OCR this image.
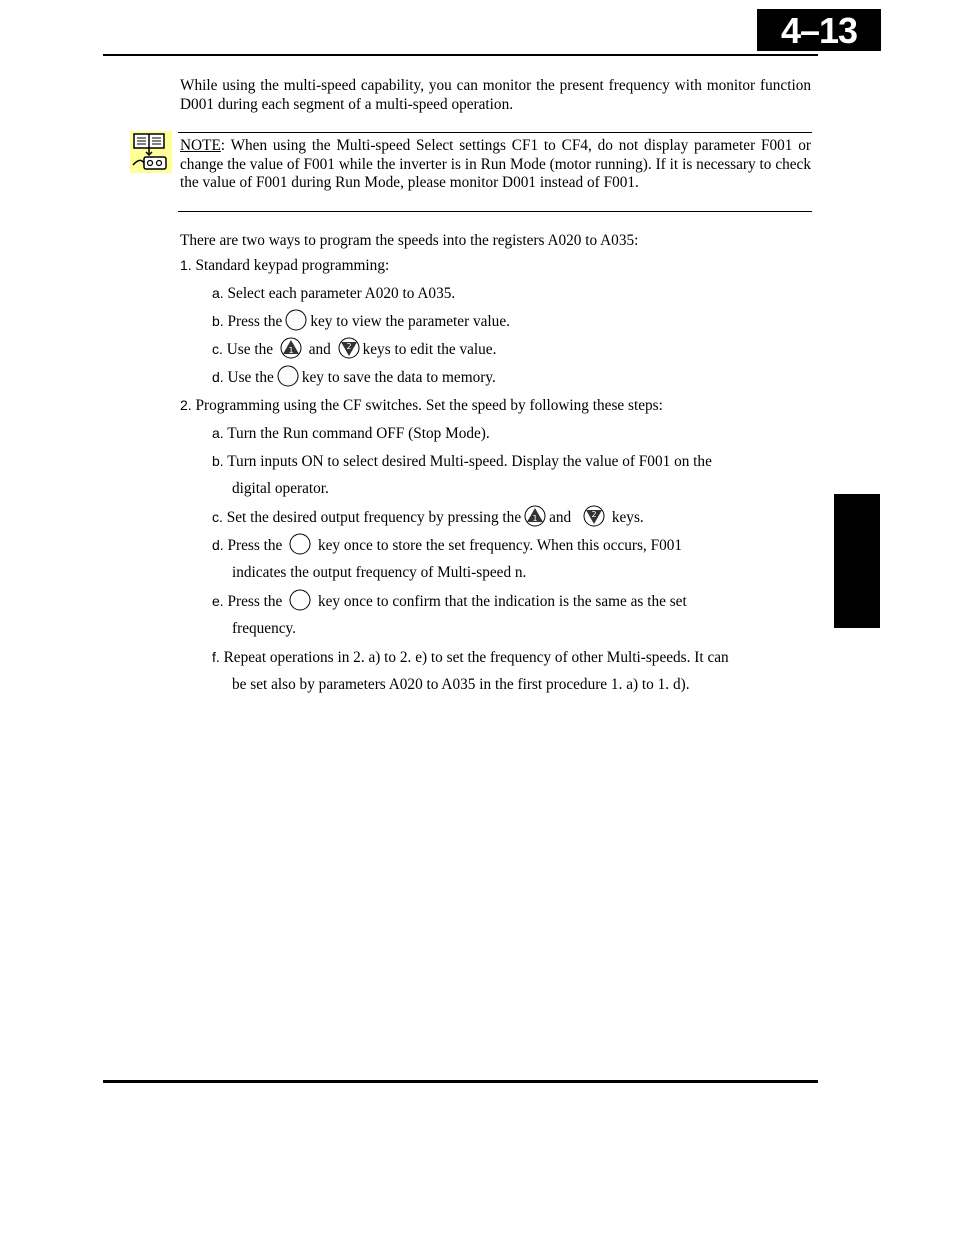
4–13

While using the multi-speed capability, you can monitor the present frequency with monitor function D001 during each segment of a multi-speed operation.

NOTE: When using the Multi-speed Select settings CF1 to CF4, do not display parameter F001 or change the value of F001 while the inverter is in Run Mode (motor running). If it is necessary to check the value of F001 during Run Mode, please monitor D001 instead of F001.

There are two ways to program the speeds into the registers A020 to A035:
1. Standard keypad programming:
a. Select each parameter A020 to A035.
b. Press the key to view the parameter value.
c. Use the 1 and 2 keys to edit the value.
d. Use the key to save the data to memory.
2. Programming using the CF switches. Set the speed by following these steps:
a. Turn the Run command OFF (Stop Mode).
b. Turn inputs ON to select desired Multi-speed. Display the value of F001 on the
digital operator.
c. Set the desired output frequency by pressing the 1 and	2 keys.
d. Press the key once to store the set frequency. When this occurs, F001
indicates the output frequency of Multi-speed n.
e. Press the key once to confirm that the indication is the same as the set
frequency.
f. Repeat operations in 2. a) to 2. e) to set the frequency of other Multi-speeds. It can
be set also by parameters A020 to A035 in the first procedure 1. a) to 1. d).
